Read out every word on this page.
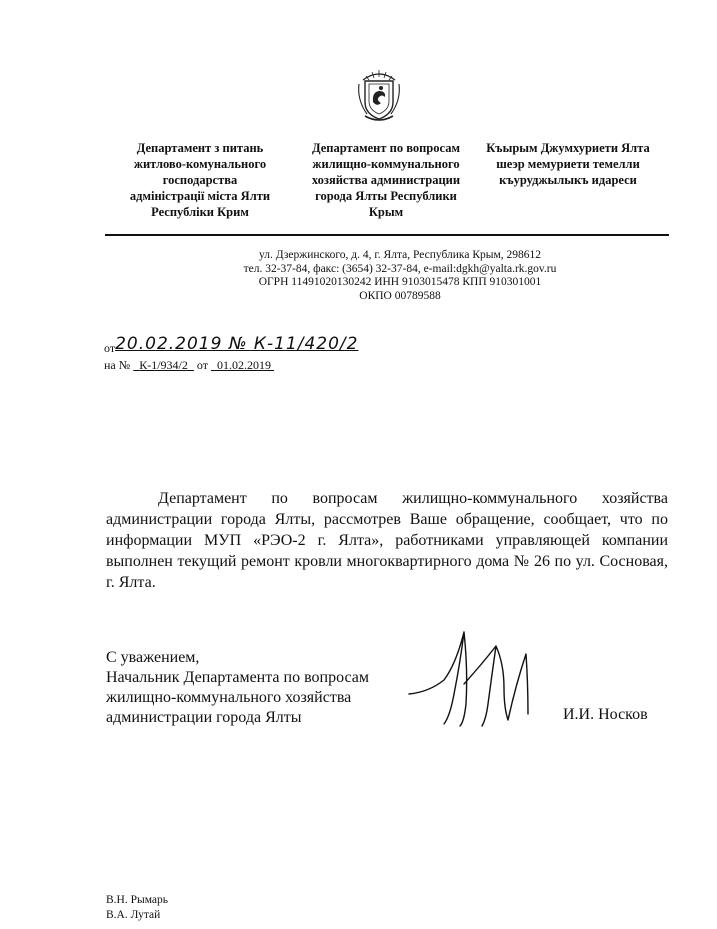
Департамент з питань
житлово-комунального
господарства
адміністрації міста Ялти
Республіки Крим
Департамент по вопросам
жилищно-коммунального
хозяйства администрации
города Ялты Республики
Крым
Къырым Джумхуриети Ялта
шеэр мемуриети темелли
къуруджылыкъ идареси
ул. Дзержинского, д. 4, г. Ялта, Республика Крым, 298612
тел. 32-37-84, факс: (3654) 32-37-84, e-mail:dgkh@yalta.rk.gov.ru
ОГРН 1149102013024​2 ИНН 9103015478 КПП 910301001
ОКПО 00789588
от20.02.2019 № К-11/420/2
на № К-1/934/2 от 01.02.2019

Департамент по вопросам жилищно-коммунального хозяйства администрации города Ялты, рассмотрев Ваше обращение, сообщает, что по информации МУП «РЭО-2 г. Ялта», работниками управляющей компании выполнен текущий ремонт кровли многоквартирного дома № 26 по ул. Сосновая, г. Ялта.

С уважением,
Начальник Департамента по вопросам
жилищно-коммунального хозяйства
администрации города Ялты	И.И. Носков
В.Н. Рымарь
В.А. Лутай
